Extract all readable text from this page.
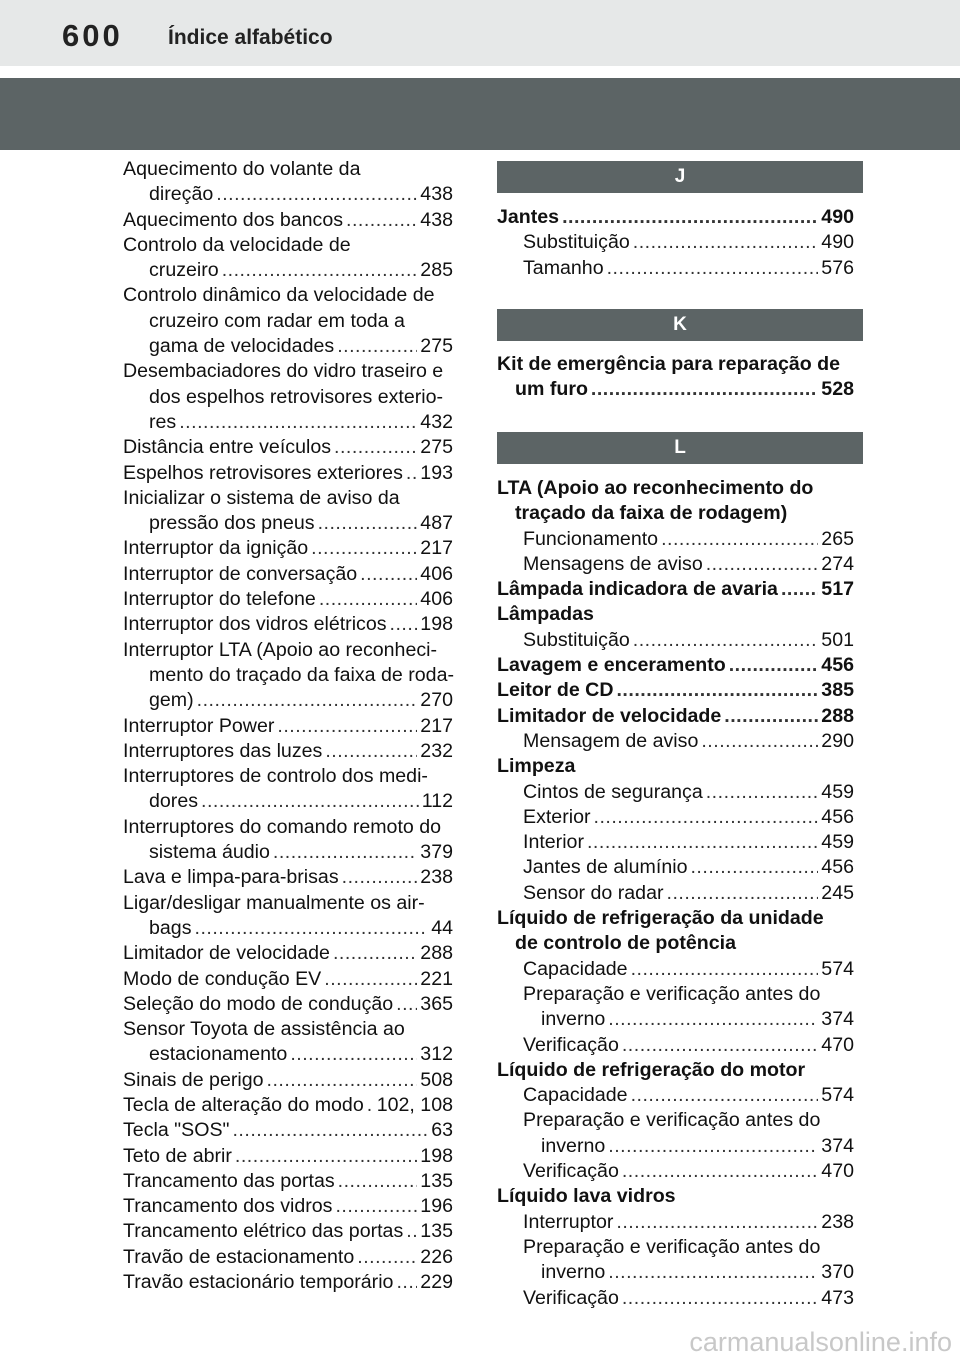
600 Índice alfabético
Aquecimento do volante da
direção .....	438
Aquecimento dos bancos .....	438
Controlo da velocidade de
cruzeiro .....	285
Controlo dinâmico da velocidade de
cruzeiro com radar em toda a
gama de velocidades .....	275
Desembaciadores do vidro traseiro e
dos espelhos retrovisores exterio-
res .....	432
Distância entre veículos .....	275
Espelhos retrovisores exteriores ..... 193
Inicializar o sistema de aviso da
pressão dos pneus .....	487
Interruptor da ignição .....	217
Interruptor de conversação .....	406
Interruptor do telefone .....	406
Interruptor dos vidros elétricos ..... 198
Interruptor LTA (Apoio ao reconheci-
mento do traçado da faixa de roda-
gem) .....	270
Interruptor Power .....	217
Interruptores das luzes .....	232
Interruptores de controlo dos medi-
dores .....	112
Interruptores do comando remoto do
sistema áudio .....	379
Lava e limpa-para-brisas .....	238
Ligar/desligar manualmente os air-
bags .....	44
Limitador de velocidade .....	288
Modo de condução EV .....	221
Seleção do modo de condução ..... 365
Sensor Toyota de assistência ao
estacionamento .....	312
Sinais de perigo .....	508
Tecla de alteração do modo ..... 102, 108
Tecla "SOS" .....	63
Teto de abrir .....	198
Trancamento das portas .....	135
Trancamento dos vidros .....	196
Trancamento elétrico das portas ..... 135
Travão de estacionamento .....	226
Travão estacionário temporário ..... 229
J
Jantes .....	490
Substituição .....	490
Tamanho .....	576
K
Kit de emergência para reparação de
um furo .....	528
L
LTA (Apoio ao reconhecimento do
traçado da faixa de rodagem)
Funcionamento .....	265
Mensagens de aviso .....	274
Lâmpada indicadora de avaria ..... 517
Lâmpadas
Substituição .....	501
Lavagem e enceramento .....	456
Leitor de CD .....	385
Limitador de velocidade .....	288
Mensagem de aviso .....	290
Limpeza
Cintos de segurança .....	459
Exterior .....	456
Interior .....	459
Jantes de alumínio .....	456
Sensor do radar .....	245
Líquido de refrigeração da unidade
de controlo de potência
Capacidade .....	574
Preparação e verificação antes do
inverno .....	374
Verificação .....	470
Líquido de refrigeração do motor
Capacidade .....	574
Preparação e verificação antes do
inverno .....	374
Verificação .....	470
Líquido lava vidros
Interruptor .....	238
Preparação e verificação antes do
inverno .....	370
Verificação .....	473
carmanualsonline.info
